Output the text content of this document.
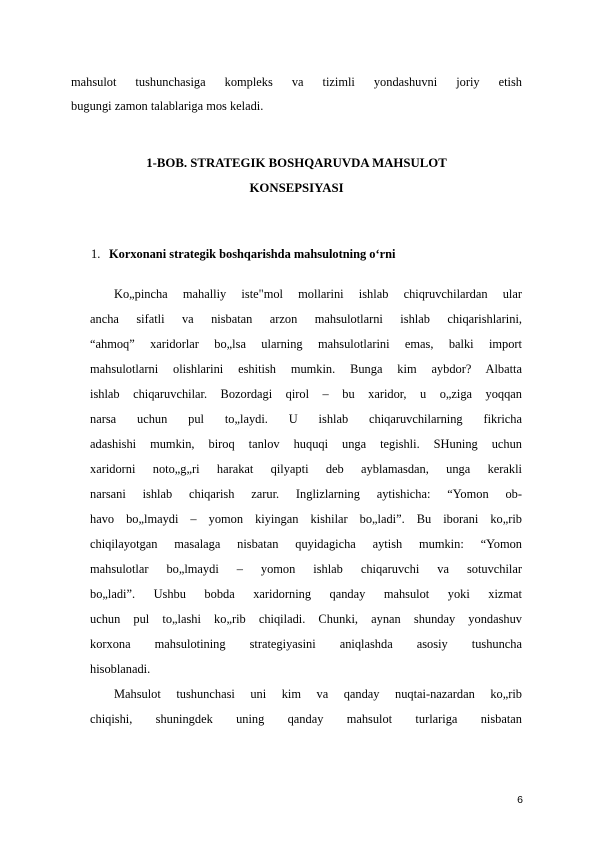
mahsulot tushunchasiga kompleks va tizimli yondashuvni joriy etish
bugungi zamon talablariga mos keladi.
1-BOB. STRATEGIK BOSHQARUVDA MAHSULOT
KONSEPSIYASI
1. Korxonani strategik boshqarishda mahsulotning o‘rni
Ko„pincha mahalliy iste"mol mollarini ishlab chiqruvchilardan ular
ancha sifatli va nisbatan arzon mahsulotlarni ishlab chiqarishlarini,
“ahmoq” xaridorlar bo„lsa ularning mahsulotlarini emas, balki import
mahsulotlarni olishlarini eshitish mumkin. Bunga kim aybdor? Albatta
ishlab chiqaruvchilar. Bozordagi qirol – bu xaridor, u o„ziga yoqqan
narsa uchun pul to„laydi. U ishlab chiqaruvchilarning fikricha
adashishi mumkin, biroq tanlov huquqi unga tegishli. SHuning uchun
xaridorni noto„g„ri harakat qilyapti deb ayblamasdan, unga kerakli
narsani ishlab chiqarish zarur. Inglizlarning aytishicha: “Yomon ob-
havo bo„lmaydi – yomon kiyingan kishilar bo„ladi”. Bu iborani ko„rib
chiqilayotgan masalaga nisbatan quyidagicha aytish mumkin: “Yomon
mahsulotlar bo„lmaydi – yomon ishlab chiqaruvchi va sotuvchilar
bo„ladi”. Ushbu bobda xaridorning qanday mahsulot yoki xizmat
uchun pul to„lashi ko„rib chiqiladi. Chunki, aynan shunday yondashuv
korxona mahsulotining strategiyasini aniqlashda asosiy tushuncha
hisoblanadi.
Mahsulot tushunchasi uni kim va qanday nuqtai-nazardan ko„rib
chiqishi, shuningdek uning qanday mahsulot turlariga nisbatan
6
